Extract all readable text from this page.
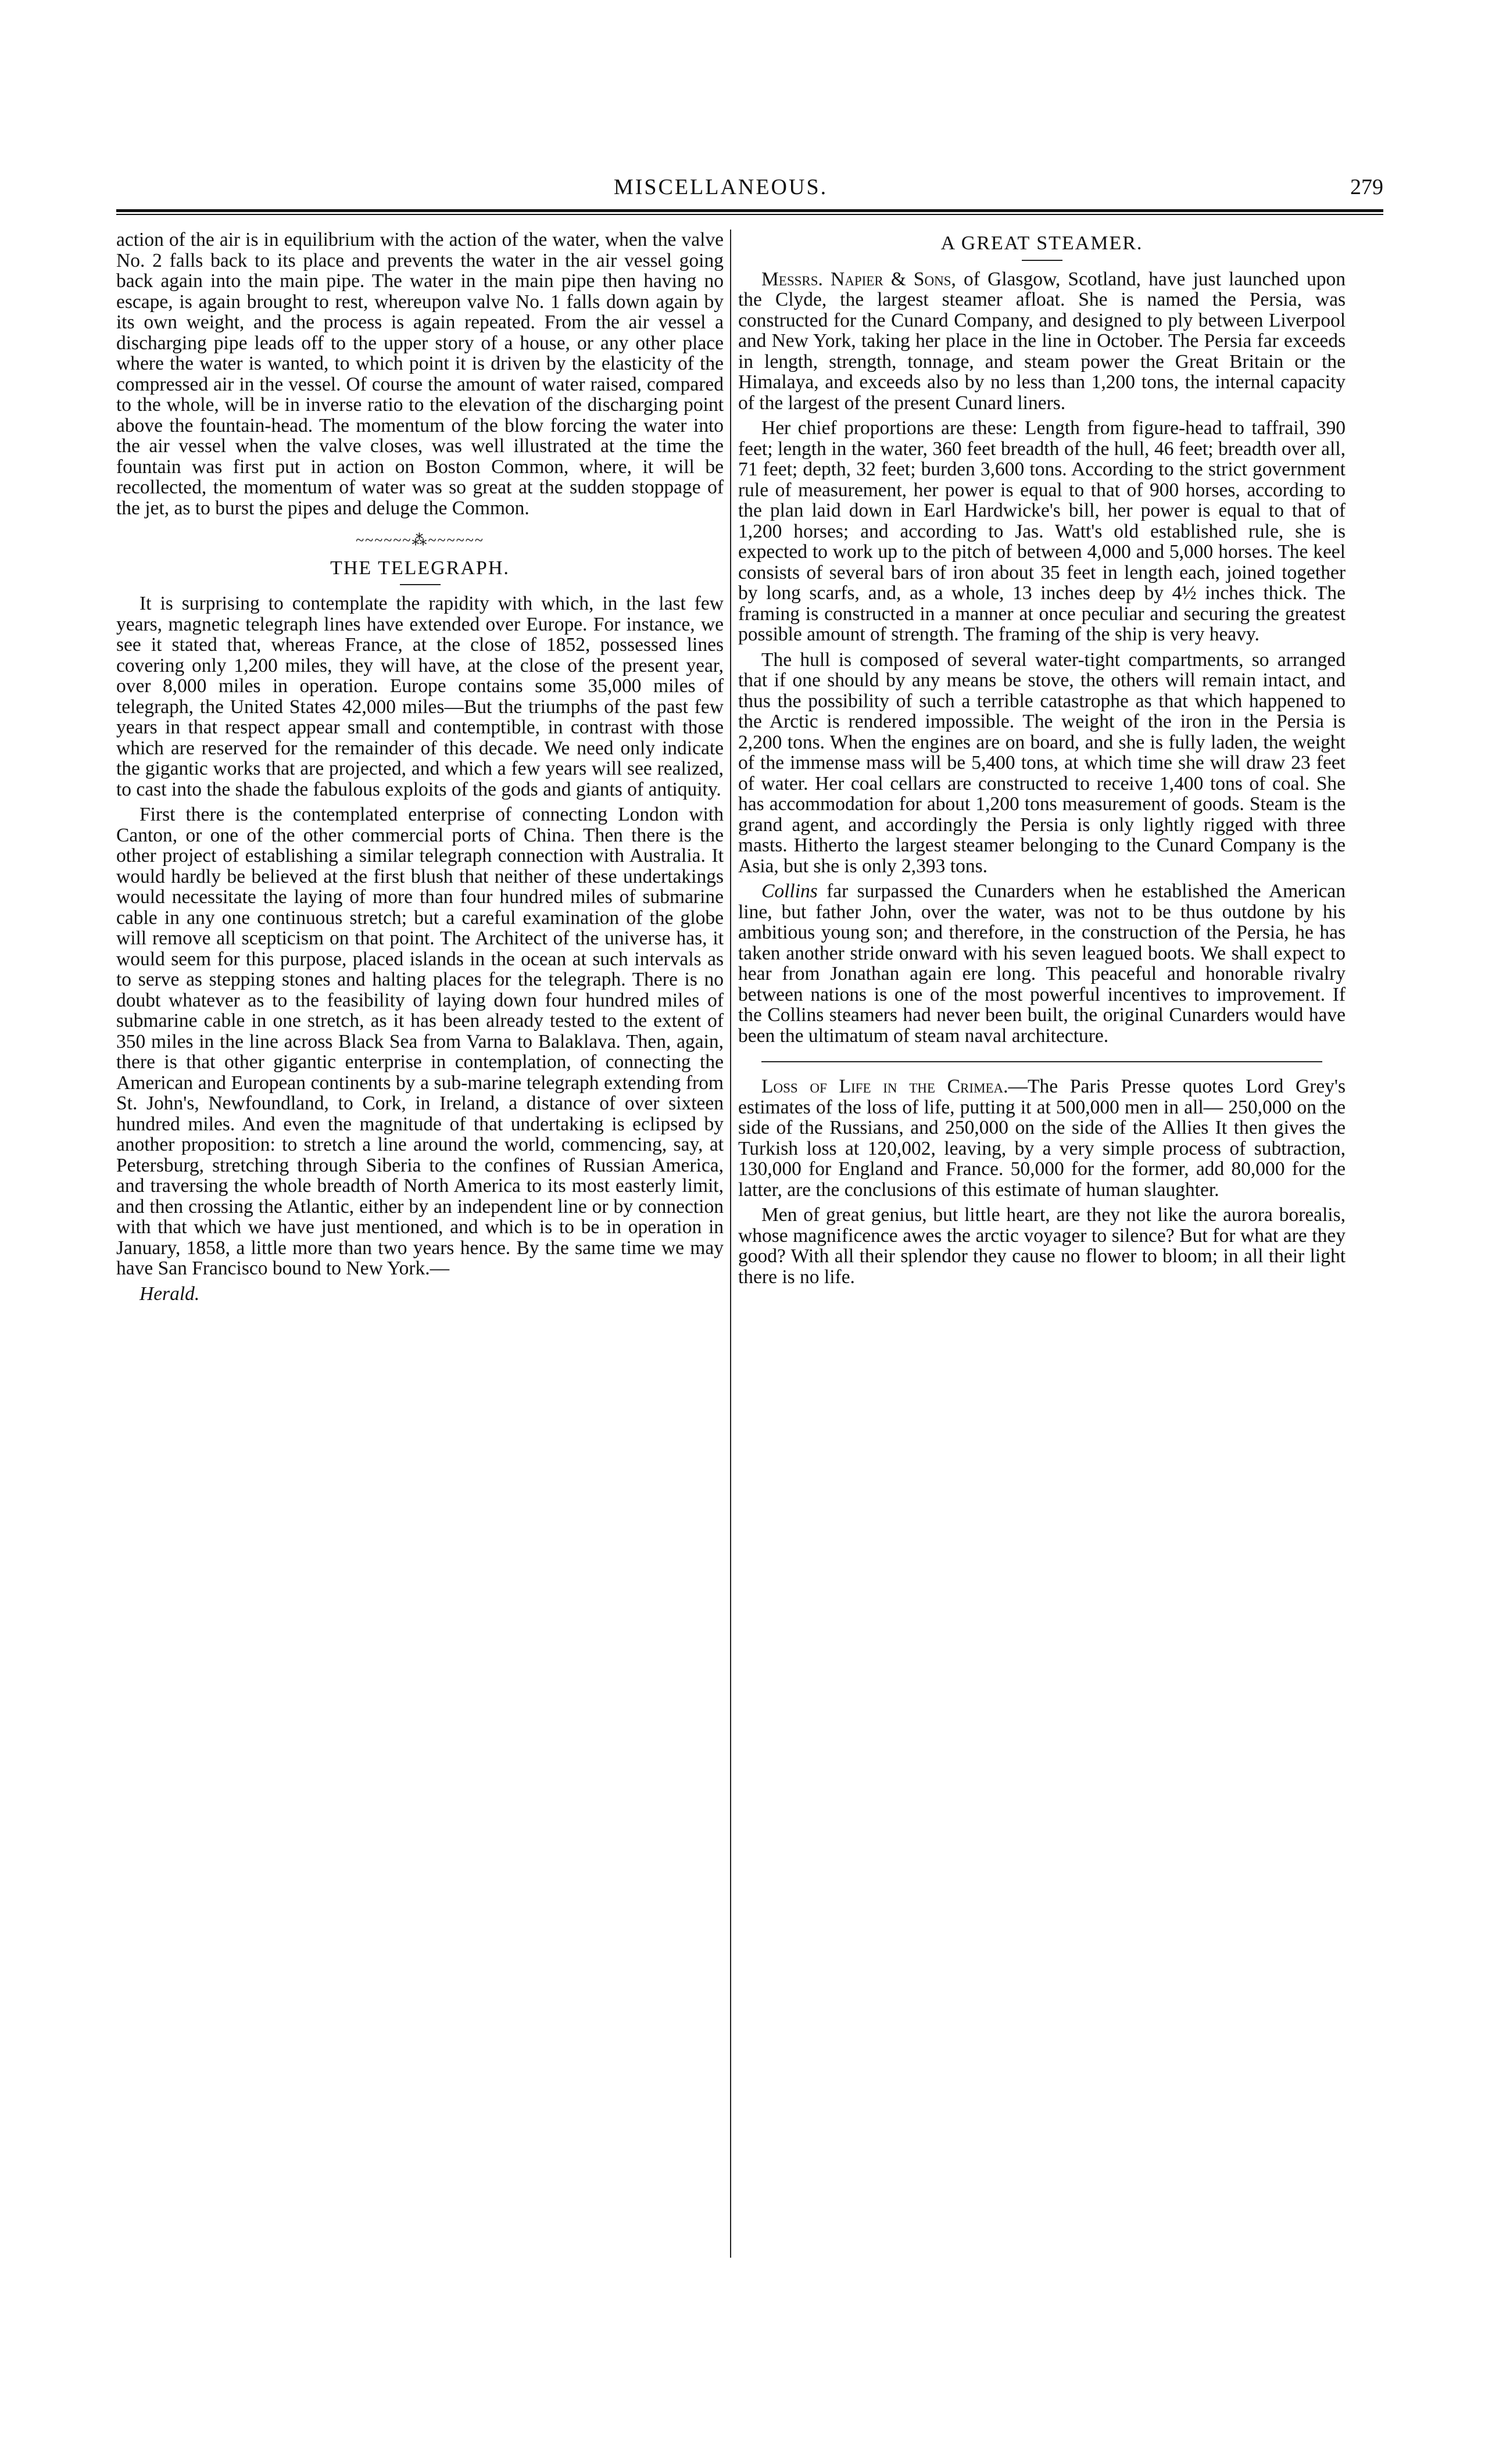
MISCELLANEOUS.	279

action of the air is in equilibrium with the action of the water, when the valve No. 2 falls back to its place and prevents the water in the air vessel going back again into the main pipe. The water in the main pipe then having no escape, is again brought to rest, whereupon valve No. 1 falls down again by its own weight, and the process is again repeated. From the air vessel a discharging pipe leads off to the upper story of a house, or any other place where the water is wanted, to which point it is driven by the elasticity of the compressed air in the vessel. Of course the amount of water raised, compared to the whole, will be in inverse ratio to the elevation of the discharging point above the fountain-head. The momentum of the blow forcing the water into the air vessel when the valve closes, was well illustrated at the time the fountain was first put in action on Boston Common, where, it will be recollected, the momentum of water was so great at the sudden stoppage of the jet, as to burst the pipes and deluge the Common.

~~~~~~⁂~~~~~~
THE TELEGRAPH.

It is surprising to contemplate the rapidity with which, in the last few years, magnetic telegraph lines have extended over Europe. For instance, we see it stated that, whereas France, at the close of 1852, possessed lines covering only 1,200 miles, they will have, at the close of the present year, over 8,000 miles in operation. Europe contains some 35,000 miles of telegraph, the United States 42,000 miles—But the triumphs of the past few years in that respect appear small and contemptible, in contrast with those which are reserved for the remainder of this decade. We need only indicate the gigantic works that are projected, and which a few years will see realized, to cast into the shade the fabulous exploits of the gods and giants of antiquity.

First there is the contemplated enterprise of connecting London with Canton, or one of the other commercial ports of China. Then there is the other project of establishing a similar telegraph connection with Australia. It would hardly be believed at the first blush that neither of these undertakings would necessitate the laying of more than four hundred miles of submarine cable in any one continuous stretch; but a careful examination of the globe will remove all scepticism on that point. The Architect of the universe has, it would seem for this purpose, placed islands in the ocean at such intervals as to serve as stepping stones and halting places for the telegraph. There is no doubt whatever as to the feasibility of laying down four hundred miles of submarine cable in one stretch, as it has been already tested to the extent of 350 miles in the line across Black Sea from Varna to Balaklava. Then, again, there is that other gigantic enterprise in contemplation, of connecting the American and European continents by a sub-marine telegraph extending from St. John's, Newfoundland, to Cork, in Ireland, a distance of over sixteen hundred miles. And even the magnitude of that undertaking is eclipsed by another proposition: to stretch a line around the world, commencing, say, at Petersburg, stretching through Siberia to the confines of Russian America, and traversing the whole breadth of North America to its most easterly limit, and then crossing the Atlantic, either by an independent line or by connection with that which we have just mentioned, and which is to be in operation in January, 1858, a little more than two years hence. By the same time we may have San Francisco bound to New York.—

Herald.

A GREAT STEAMER.

Messrs. Napier & Sons, of Glasgow, Scotland, have just launched upon the Clyde, the largest steamer afloat. She is named the Persia, was constructed for the Cunard Company, and designed to ply between Liverpool and New York, taking her place in the line in October. The Persia far exceeds in length, strength, tonnage, and steam power the Great Britain or the Himalaya, and exceeds also by no less than 1,200 tons, the internal capacity of the largest of the present Cunard liners.

Her chief proportions are these: Length from figure-head to taffrail, 390 feet; length in the water, 360 feet breadth of the hull, 46 feet; breadth over all, 71 feet; depth, 32 feet; burden 3,600 tons. According to the strict government rule of measurement, her power is equal to that of 900 horses, according to the plan laid down in Earl Hardwicke's bill, her power is equal to that of 1,200 horses; and according to Jas. Watt's old established rule, she is expected to work up to the pitch of between 4,000 and 5,000 horses. The keel consists of several bars of iron about 35 feet in length each, joined together by long scarfs, and, as a whole, 13 inches deep by 4½ inches thick. The framing is constructed in a manner at once peculiar and securing the greatest possible amount of strength. The framing of the ship is very heavy.

The hull is composed of several water-tight compartments, so arranged that if one should by any means be stove, the others will remain intact, and thus the possibility of such a terrible catastrophe as that which happened to the Arctic is rendered impossible. The weight of the iron in the Persia is 2,200 tons. When the engines are on board, and she is fully laden, the weight of the immense mass will be 5,400 tons, at which time she will draw 23 feet of water. Her coal cellars are constructed to receive 1,400 tons of coal. She has accommodation for about 1,200 tons measurement of goods. Steam is the grand agent, and accordingly the Persia is only lightly rigged with three masts. Hitherto the largest steamer belonging to the Cunard Company is the Asia, but she is only 2,393 tons.

Collins far surpassed the Cunarders when he established the American line, but father John, over the water, was not to be thus outdone by his ambitious young son; and therefore, in the construction of the Persia, he has taken another stride onward with his seven leagued boots. We shall expect to hear from Jonathan again ere long. This peaceful and honorable rivalry between nations is one of the most powerful incentives to improvement. If the Collins steamers had never been built, the original Cunarders would have been the ultimatum of steam naval architecture.

Loss of Life in the Crimea.—The Paris Presse quotes Lord Grey's estimates of the loss of life, putting it at 500,000 men in all— 250,000 on the side of the Russians, and 250,000 on the side of the Allies It then gives the Turkish loss at 120,002, leaving, by a very simple process of subtraction, 130,000 for England and France. 50,000 for the former, add 80,000 for the latter, are the conclusions of this estimate of human slaughter.

Men of great genius, but little heart, are they not like the aurora borealis, whose magnificence awes the arctic voyager to silence? But for what are they good? With all their splendor they cause no flower to bloom; in all their light there is no life.
